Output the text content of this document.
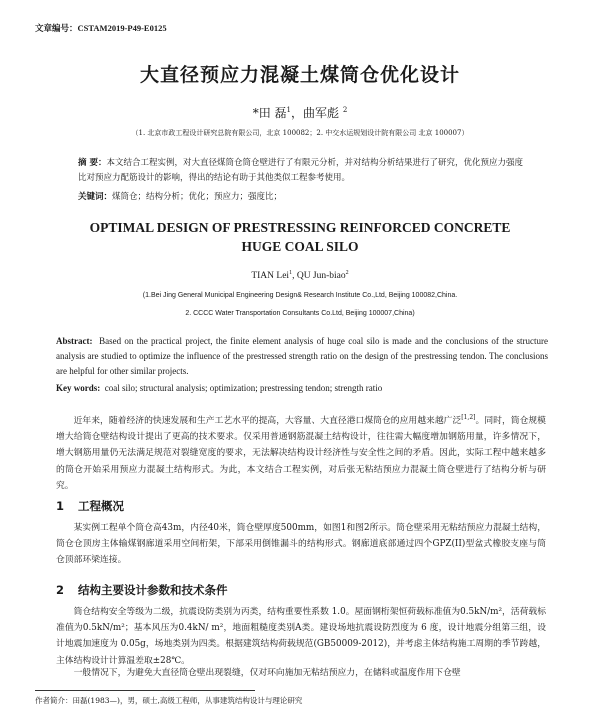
文章编号：CSTAM2019-P49-E0125
大直径预应力混凝土煤筒仓优化设计
*田 磊$^1$，曲军彪 $^2$
（1. 北京市政工程设计研究总院有限公司，北京 100082；2. 中交水运规划设计院有限公司 北京 100007）
摘 要：本文结合工程实例，对大直径煤筒仓筒仓壁进行了有限元分析，并对结构分析结果进行了研究，优化预应力强度比对预应力配筋设计的影响，得出的结论有助于其他类似工程参考使用。
关键词：煤筒仓；结构分析；优化；预应力；强度比；
OPTIMAL DESIGN OF PRESTRESSING REINFORCED CONCRETE
HUGE COAL SILO
TIAN Lei$^1$, QU Jun-biao$^2$
(1.Bei Jing General Municipal Engineering Design& Research Institute Co.,Ltd, Beijing 100082,China.
2. CCCC Water Transportation Consultants Co.Ltd, Beijing 100007,China)
Abstract: Based on the practical project, the finite element analysis of huge coal silo is made and the conclusions of the structure analysis are studied to optimize the influence of the prestressed strength ratio on the design of the prestressing tendon. The conclusions are helpful for other similar projects.
Key words: coal silo; structural analysis; optimization; prestressing tendon; strength ratio
近年来，随着经济的快速发展和生产工艺水平的提高，大容量、大直径港口煤筒仓的应用越来越广泛[1,2]。同时，筒仓规模增大给筒仓壁结构设计提出了更高的技术要求。仅采用普通钢筋混凝土结构设计，往往需大幅度增加钢筋用量，许多情况下，增大钢筋用量仍无法满足规范对裂缝宽度的要求，无法解决结构设计经济性与安全性之间的矛盾。因此，实际工程中越来越多的筒仓开始采用预应力混凝土结构形式。为此，本文结合工程实例，对后张无粘结预应力混凝土筒仓壁进行了结构分析与研究。
1 工程概况
某实例工程单个筒仓高43m，内径40米，筒仓壁厚度500mm，如图1和图2所示。筒仓壁采用无粘结预应力混凝土结构，筒仓仓顶房主体输煤钢廊道采用空间桁架，下部采用倒锥漏斗的结构形式。钢廊道底部通过四个GPZ(II)型盆式橡胶支座与筒仓顶部环梁连接。
2 结构主要设计参数和技术条件
筒仓结构安全等级为二级，抗震设防类别为丙类，结构重要性系数 1.0。屋面钢桁架恒荷载标准值为0.5kN/m²，活荷载标准值为0.5kN/m²；基本风压为0.4kN/ m²，地面粗糙度类别A类。建设场地抗震设防烈度为 6 度，设计地震分组第三组，设计地震加速度为 0.05g，场地类别为四类。根据建筑结构荷载规范(GB50009-2012)，并考虑主体结构施工周期的季节跨越，主体结构设计计算温差取±28℃。
一般情况下，为避免大直径筒仓壁出现裂缝，仅对环向施加无粘结预应力，在储料或温度作用下仓壁
作者简介：田磊(1983—)，男，硕士,高级工程师，从事建筑结构设计与理论研究
